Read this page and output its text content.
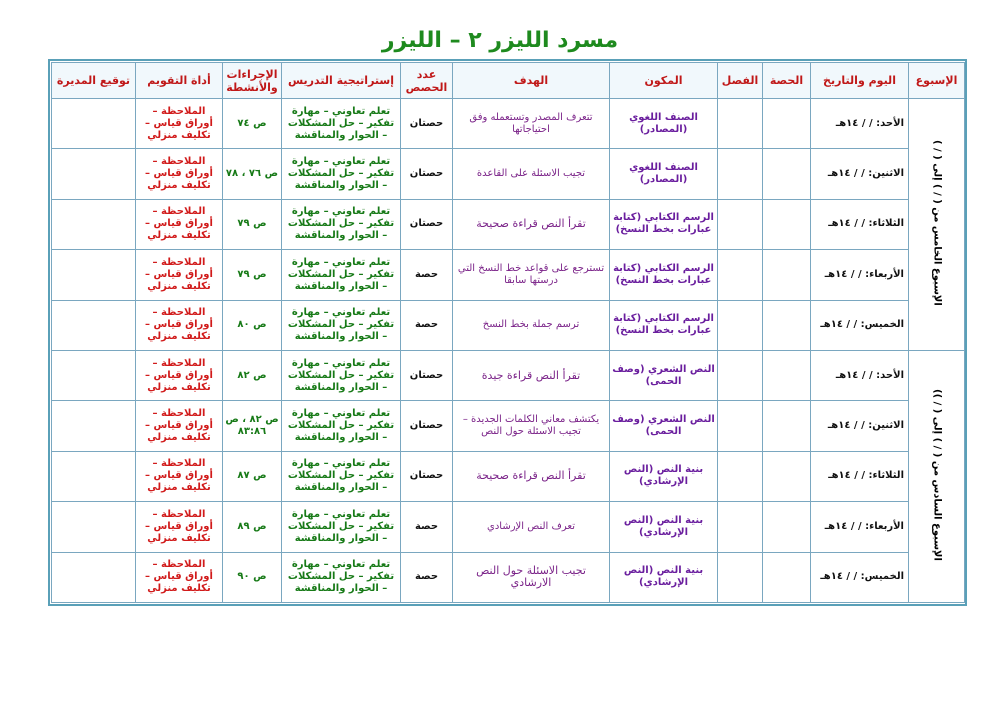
مسرد الليزر ٢ – الليزر
الإسبوع	اليوم والتاريخ	الحصة	الفصل	المكون	الهدف	عدد الحصص	إستراتيجية التدريس	الإجراءات والأنشطة	أداة التقويم	توقيع المديرة
الإسبوع الخامس من ( / ) إلى ( / )	الأحد: / / ١٤هـ			الصنف اللغوي (المصادر)	تتعرف المصدر وتستعمله وفق احتياجاتها	حصتان	تعلم تعاوني – مهارة تفكير – حل المشكلات – الحوار والمناقشة	ص ٧٤	الملاحظة – أوراق قياس – تكليف منزلي	
	الاثنين: / / ١٤هـ			الصنف اللغوي (المصادر)	تجيب الاسئلة على القاعدة	حصتان	تعلم تعاوني – مهارة تفكير – حل المشكلات – الحوار والمناقشة	ص ٧٦ ، ٧٨	الملاحظة – أوراق قياس – تكليف منزلي	
	الثلاثاء: / / ١٤هـ			الرسم الكتابي (كتابة عبارات بخط النسخ)	تقرأ النص قراءة صحيحة	حصتان	تعلم تعاوني – مهارة تفكير – حل المشكلات – الحوار والمناقشة	ص ٧٩	الملاحظة – أوراق قياس – تكليف منزلي	
	الأربعاء: / / ١٤هـ			الرسم الكتابي (كتابة عبارات بخط النسخ)	تسترجع على قواعد خط النسخ التي درستها سابقا	حصة	تعلم تعاوني – مهارة تفكير – حل المشكلات – الحوار والمناقشة	ص ٧٩	الملاحظة – أوراق قياس – تكليف منزلي	
	الخميس: / / ١٤هـ			الرسم الكتابي (كتابة عبارات بخط النسخ)	ترسم جملة بخط النسخ	حصة	تعلم تعاوني – مهارة تفكير – حل المشكلات – الحوار والمناقشة	ص ٨٠	الملاحظة – أوراق قياس – تكليف منزلي	
الإسبوع السادس من ( / ) إلى ( / ))	الأحد: / / ١٤هـ			النص الشعري (وصف الحمى)	تقرأ النص قراءة جيدة	حصتان	تعلم تعاوني – مهارة تفكير – حل المشكلات – الحوار والمناقشة	ص ٨٢	الملاحظة – أوراق قياس – تكليف منزلي	
	الاثنين: / / ١٤هـ			النص الشعري (وصف الحمى)	يكتشف معاني الكلمات الجديدة – تجيب الاسئلة حول النص	حصتان	تعلم تعاوني – مهارة تفكير – حل المشكلات – الحوار والمناقشة	ص ٨٢ ، ص ٨٣:٨٦	الملاحظة – أوراق قياس – تكليف منزلي	
	الثلاثاء: / / ١٤هـ			بنية النص (النص الإرشادي)	تقرأ النص قراءة صحيحة	حصتان	تعلم تعاوني – مهارة تفكير – حل المشكلات – الحوار والمناقشة	ص ٨٧	الملاحظة – أوراق قياس – تكليف منزلي	
	الأربعاء: / / ١٤هـ			بنية النص (النص الإرشادي)	تعرف النص الإرشادي	حصة	تعلم تعاوني – مهارة تفكير – حل المشكلات – الحوار والمناقشة	ص ٨٩	الملاحظة – أوراق قياس – تكليف منزلي	
	الخميس: / / ١٤هـ			بنية النص (النص الإرشادي)	تجيب الاسئلة حول النص الارشادي	حصة	تعلم تعاوني – مهارة تفكير – حل المشكلات – الحوار والمناقشة	ص ٩٠	الملاحظة – أوراق قياس – تكليف منزلي	
